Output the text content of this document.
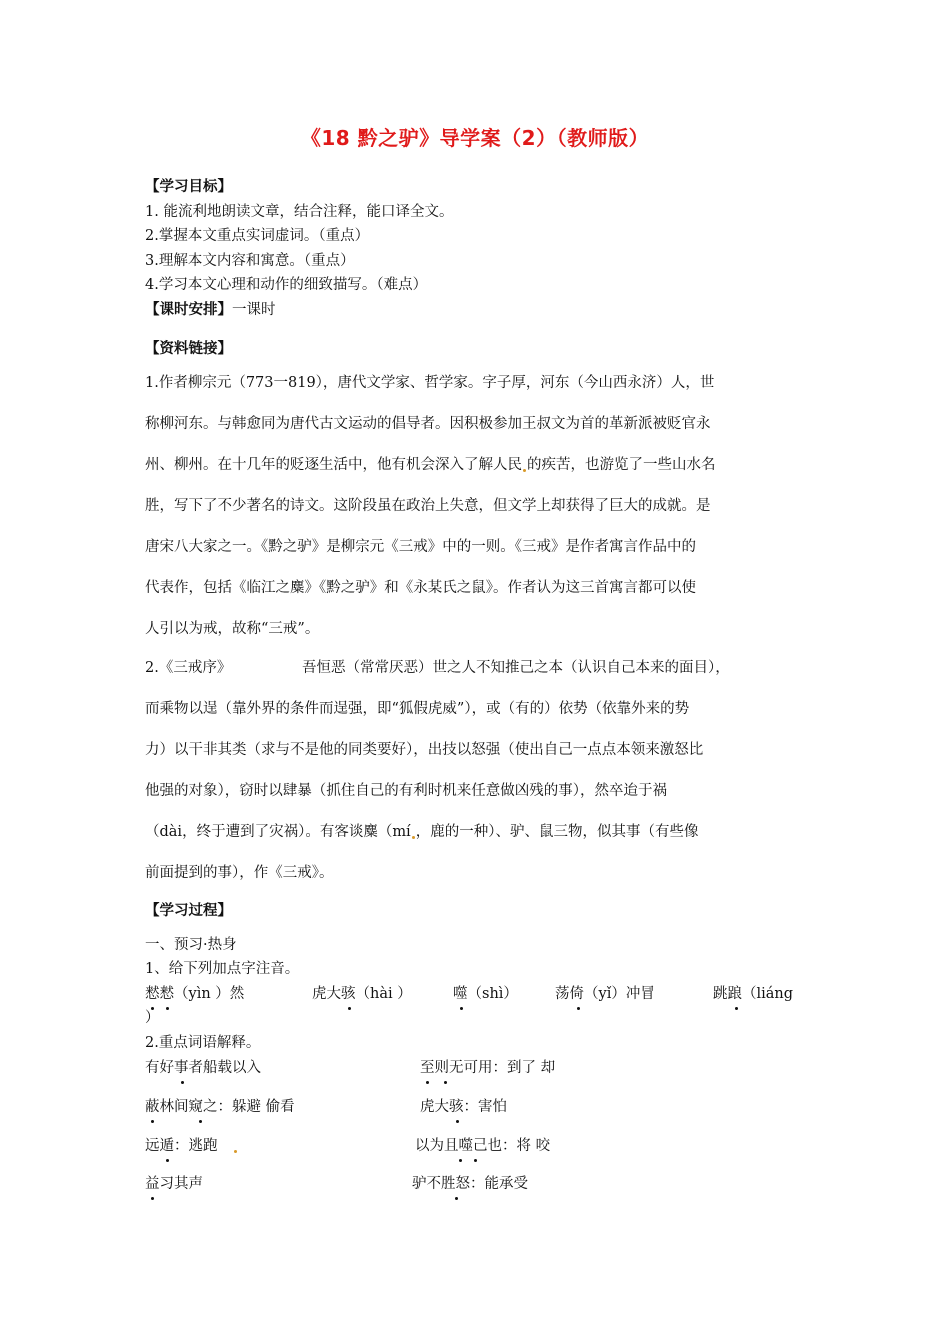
《18 黔之驴》导学案（2）（教师版）
【学习目标】
1. 能流利地朗读文章，结合注释，能口译全文。
2.掌握本文重点实词虚词。（重点）
3.理解本文内容和寓意。（重点）
4.学习本文心理和动作的细致描写。（难点）
【课时安排】一课时
【资料链接】
1.作者柳宗元（773一819），唐代文学家、哲学家。字子厚，河东（今山西永济）人，世
称柳河东。与韩愈同为唐代古文运动的倡导者。因积极参加王叔文为首的革新派被贬官永
州、柳州。在十几年的贬逐生活中，他有机会深入了解人民 的疾苦，也游览了一些山水名
胜，写下了不少著名的诗文。这阶段虽在政治上失意，但文学上却获得了巨大的成就。是
唐宋八大家之一。《黔之驴》是柳宗元《三戒》中的一则。《三戒》是作者寓言作品中的
代表作，包括《临江之麋》《黔之驴》和《永某氏之鼠》。作者认为这三首寓言都可以使
人引以为戒，故称“三戒”。
2.《三戒序》	吾恒恶（常常厌恶）世之人不知推己之本（认识自己本来的面目），
而乘物以逞（靠外界的条件而逞强，即“狐假虎威”），或（有的）依势（依靠外来的势
力）以干非其类（求与不是他的同类要好），出技以怒强（使出自己一点点本领来激怒比
他强的对象），窃时以肆暴（抓住自己的有利时机来任意做凶残的事），然卒迨于祸
（dài，终于遭到了灾祸）。有客谈麋（mí ，鹿的一种）、驴、鼠三物，似其事（有些像
前面提到的事），作《三戒》。
【学习过程】
一、预习·热身
1、给下列加点字注音。
慭慭（yìn ）然	虎大骇（hài ）	噬（shì）	荡倚（yǐ）冲冒	跳踉（liáng
）
2.重点词语解释。
有好事者船载以入	至则无可用：到了 却
蔽林间窥之：躲避 偷看	虎大骇：害怕
远遁：逃跑	以为且噬己也：将 咬
益习其声	驴不胜怒：能承受
